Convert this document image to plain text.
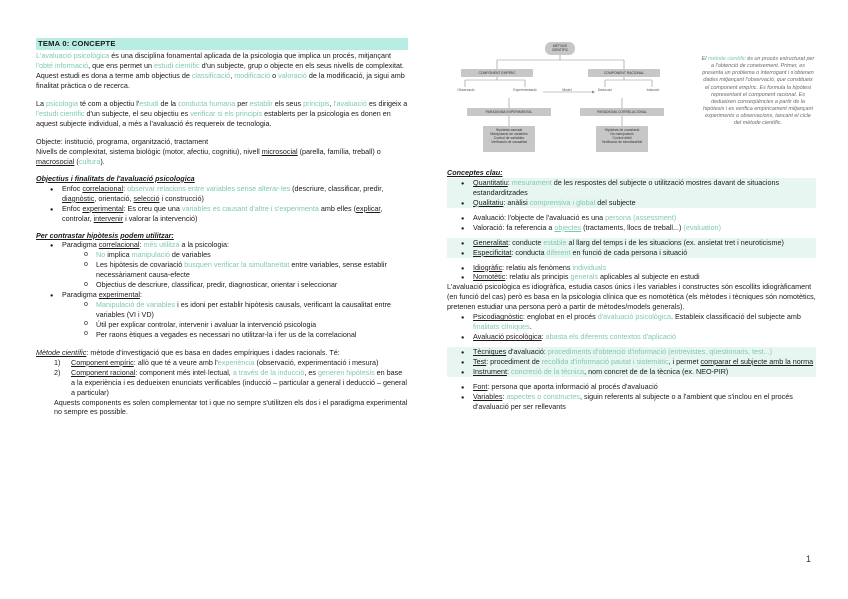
TEMA 0: CONCEPTE

L'avaluació psicològica és una disciplina fonamental aplicada de la psicologia que implica un procés, mitjançant l'obté informació, que ens permet un estudi científic d'un subjecte, grup o objecte en els seus nivells de complexitat.

Aquest estudi es dona a terme amb objectius de classificació, modificació o valoració de la modificació, ja sigui amb finalitat pràctica o de recerca.

La psicologia té com a objectiu l'estudi de la conducta humana per establir els seus principis, l'avaluació es dirigeix a l'estudi científic d'un subjecte, el seu objectiu es verificar si els principis establerts per la psicologia es donen en aquest subjecte individual, a més a l'avaluació és requereix de tecnologia.

Objecte: institució, programa, organització, tractament

Nivells de complexitat, sistema biològic (motor, afectiu, cognitiu), nivell microsocial (parella, família, treball) o macrosocial (cultura).

Objectius i finalitats de l'avaluació psicologica
● Enfoc correlacional: observar relacions entre variables sense alterar-les (descriure, classificar, predir, diagnòstic, orientació, selecció i construcció)
● Enfoc experimental: Es creu que una variables es causant d'altre i s'experimenta amb elles (explicar, controlar, intervenir i valorar la intervenció)
Per contrastar hipòtesis podem utilitzar:
● Paradigma correlacional: més utilitza a la psicologia:
o No implica manipulació de variables
o Les hipòtesis de covariació busquen verificar la simultaneïtat entre variables, sense establir necessàriament causa-efecte
o Objectius de descriure, classificar, predir, diagnosticar, orientar i seleccionar
● Paradigma experimental:
o Manipulació de variables i es idoni per establir hipòtesis causals, verificant la causalitat entre variables (VI i VD)
o Útil per explicar controlar, intervenir i avaluar la intervenció psicologia
o Per raons ètiques a vegades es necessari no utilitzar-la i fer us de la correlacional

Mètode científic: mètode d'investigació que es basa en dades empíriques i dades racionals. Té:

1) Component empíric: allò que té a veure amb l'experiència (observació, experimentació i mesura)
2) Component racional: component més intel·lectual, a través de la inducció, es generen hipòtesis en base a la experiència i es dedueixen enunciats verificables (inducció – particular a general i deducció – general a particular)

Aquests components es solen complementar tot i que no sempre s'utilitzen els dos i el paradigma experimental no sempre es possible.

MÈTODE CIENTÍFIC
COMPONENT EMPÍRIC	COMPONENT RACIONAL
Observació	Experimentació	Model	Deducció	Inducció
PARADIGMA EXPERIMENTAL	PARADIGMA CORRELACIONAL
Hipòtesis causals
Manipulació de variables
Control de variables
Verificació de causalitat
Hipòtesis de covariació
No manipulació
Control dèbil
Verificació de simultaneïtat
El mètode científic és un procés estructurat per a l'obtenció de coneixement. Primer, es presenta un problema o interrogant i s'obtenen dades mitjançant l'observació, que constitueix el component empíric. Es formula la hipòtesi representant el component racional. Es dedueixen conseqüències a partir de la hipòtesis i es verifica empíricament mitjançant experiments o observacions, tancant el cicle del mètode científic.
Conceptes clau:
● Quantitatiu: mesurament de les respostes del subjecte o utilització mostres davant de situacions estandarditzades
● Qualitatiu: anàlisi comprensiva i global del subjecte
● Avaluació: l'objecte de l'avaluació es una persona (assessment)
● Valoració: fa referencia a objectes (tractaments, llocs de treball...) (evaluation)
● Generalitat: conducte estable al llarg del temps i de les situacions (ex. ansietat tret i neuroticisme)
● Especificitat: conducta diferent en funció de cada persona i situació
● Idiogràfic: relatiu als fenòmens individuals
● Nomotètic: relatiu als principis generals aplicables al subjecte en estudi

L'avaluació psicològica es idiogràfica, estudia casos únics i les variables i constructes són escollits idiogràficament (en funció del cas) però es basa en la psicologia clínica que es nomotètica (els mètodes i tècniques són nomotètics, pretenen estudiar una persona però a partir de mètodes/models generals).

● Psicodiagnòstic: englobat en el procés d'avaluació psicològica. Estableix classificació del subjecte amb finalitats clíniques.
● Avaluació psicològica: abasta els diferents contextos d'aplicació
● Tècniques d'avaluació: procediments d'obtenció d'informació (entrevistes, qüestionaris, test...)
● Test: procediment de recollida d'informació pautat i sistemàtic, i permet comparar el subjecte amb la norma
● Instrument: concreció de la tècnica, nom concret de de la tècnica (ex. NEO-PIR)
● Font: persona que aporta informació al procés d'avaluació
● Variables: aspectes o constructes, siguin referents al subjecte o a l'ambient que s'inclou en el procés d'avaluació per ser rellevants
1
